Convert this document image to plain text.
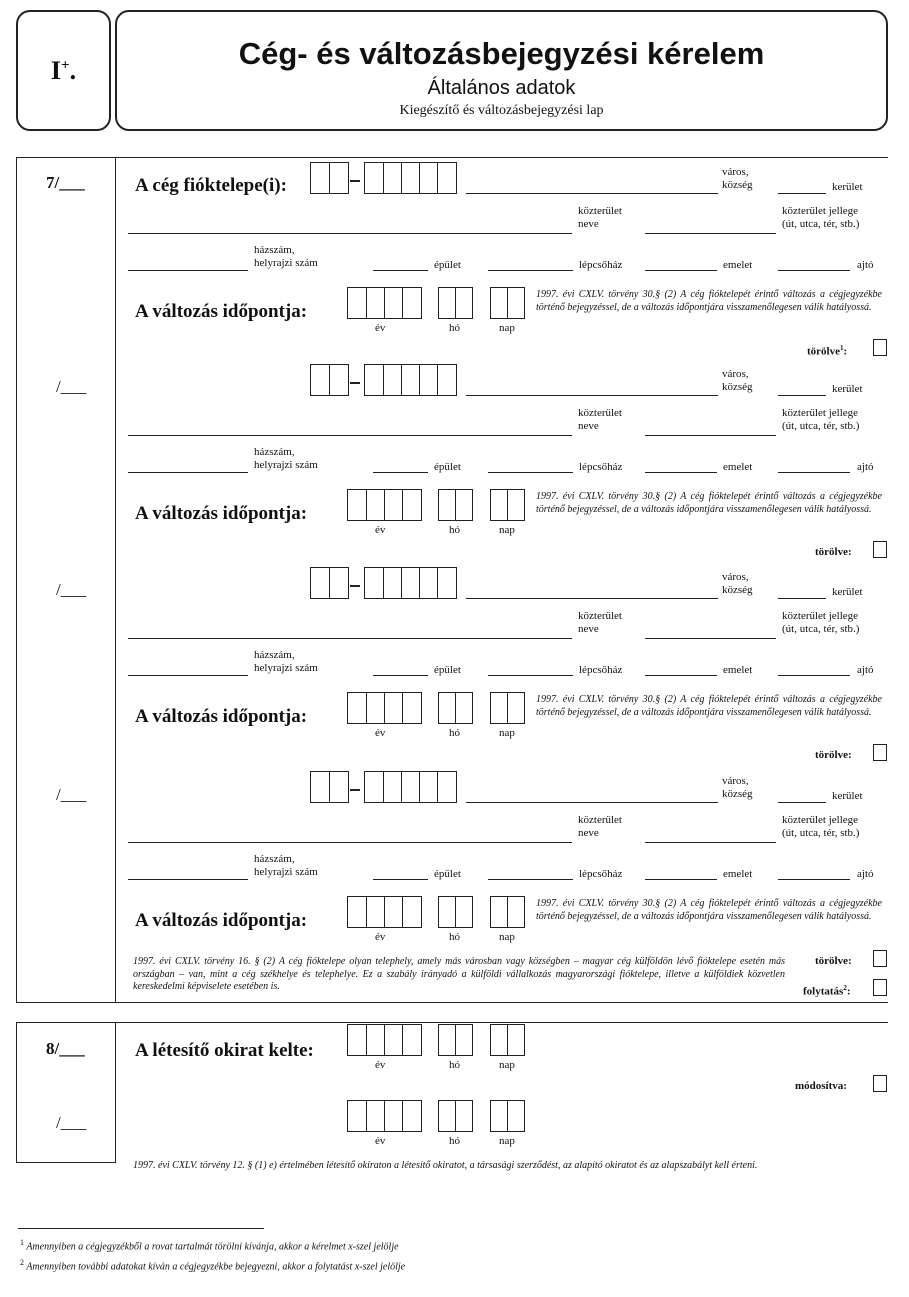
I+.	Cég- és változásbejegyzési kérelem
Általános adatok
Kiegészítő és változásbejegyzési lap
7/___
/___
/___
/___
A cég fióktelepe(i):
város,
község	kerület
közterület
neve
közterület jellege
(út, utca, tér, stb.)
házszám,
helyrajzi szám	épület	lépcsőház	emelet	ajtó
A változás időpontja:
év	hó	nap
1997. évi CXLV. törvény 30.§ (2) A cég fióktelepét érintő változás a cégjegyzékbe történő bejegyzéssel, de a változás időpontjára visszamenőlegesen válik hatályossá.
törölve$^1$:
város,
község	kerület
közterület
neve
közterület jellege
(út, utca, tér, stb.)
házszám,
helyrajzi szám	épület	lépcsőház	emelet	ajtó
A változás időpontja:
év	hó	nap
1997. évi CXLV. törvény 30.§ (2) A cég fióktelepét érintő változás a cégjegyzékbe történő bejegyzéssel, de a változás időpontjára visszamenőlegesen válik hatályossá.
törölve:
város,
község	kerület
közterület
neve
közterület jellege
(út, utca, tér, stb.)
házszám,
helyrajzi szám	épület	lépcsőház	emelet	ajtó
A változás időpontja:
év	hó	nap
1997. évi CXLV. törvény 30.§ (2) A cég fióktelepét érintő változás a cégjegyzékbe történő bejegyzéssel, de a változás időpontjára visszamenőlegesen válik hatályossá.
törölve:
város,
község	kerület
közterület
neve
közterület jellege
(út, utca, tér, stb.)
házszám,
helyrajzi szám	épület	lépcsőház	emelet	ajtó
A változás időpontja:
év	hó	nap
1997. évi CXLV. törvény 30.§ (2) A cég fióktelepét érintő változás a cégjegyzékbe történő bejegyzéssel, de a változás időpontjára visszamenőlegesen válik hatályossá.
1997. évi CXLV. törvény 16. § (2) A cég fióktelepe olyan telephely, amely más városban vagy községben – magyar cég külföldön lévő fióktelepe esetén más országban – van, mint a cég székhelye és telephelye. Ez a szabály irányadó a külföldi vállalkozás magyarországi fióktelepe, illetve a külföldiek közvetlen kereskedelmi képviselete esetében is.
törölve:
folytatás$^2$:
8/___
/___
A létesítő okirat kelte:
év	hó	nap
év	hó	nap
módosítva:
1997. évi CXLV. törvény 12. § (1) e) értelmében létesítő okiraton a létesítő okiratot, a társasági szerződést, az alapító okiratot és az alapszabályt kell érteni.
$^1$ Amennyiben a cégjegyzékből a rovat tartalmát törölni kívánja, akkor a kérelmet x-szel jelölje
$^2$ Amennyiben további adatokat kíván a cégjegyzékbe bejegyezni, akkor a folytatást x-szel jelölje
